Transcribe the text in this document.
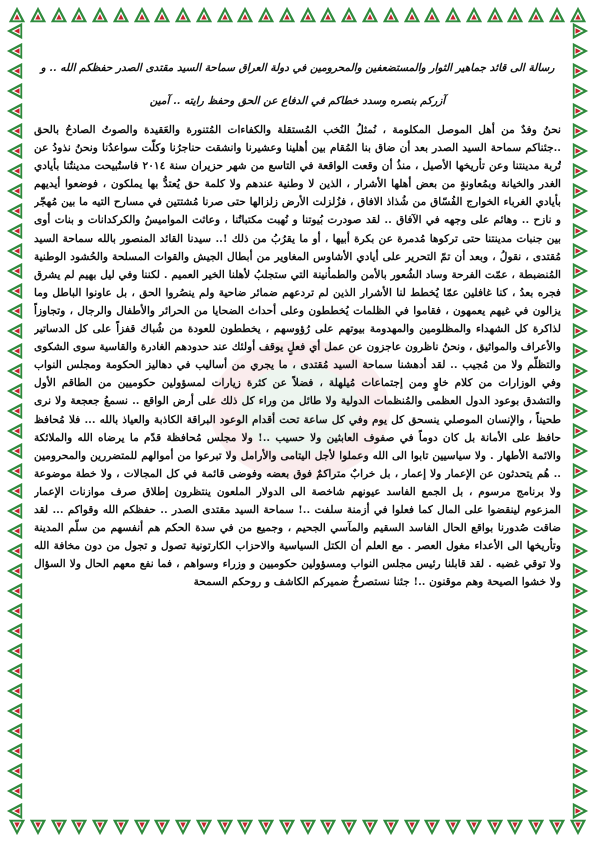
رسالة الى قائد جماهير الثوار والمستضعفين والمحرومين في دولة العراق سماحة السيد مقتدى الصدر حفظكم الله .. و
آزركم بنصره وسدد خطاكم في الدفاع عن الحق وحفظ رايته .. آمين

نحنُ وفدٌ من أهل الموصل المكلومة ، نُمثلُ النُخب المُستقلة والكفاءات المُتنورة والعَقيدة والصوتُ الصادحُ بالحق ..جئناكم سماحة السيد الصدر بعد أن ضاق بنا المُقام بين أهلينا وعشيرنا وانشقت حناجرُنا وكلّت سواعدُنا ونحنُ نذودُ عن تُربة مدينتنا وعن تأريخها الأصيل ، منذُ أن وقعت الواقعة في التاسع من شهر حزيران سنة ٢٠١٤ فاستُبيحت مدينتُنا بأيادي الغدر والخيانة وبمُعاونةٍ من بعض أهلها الأشرار ، الذين لا وطنية عندهم ولا كلمة حق يُعتدُّ بها يملكون ، فوضعوا أيديهم بأيادي الغرباء الخوارج الفُسّاق من شُذاذ الافاق ، فزُلزلت الأرض زلزالها حتى صرنا مُشتتين في مسارح التيه ما بين مُهجّر و نازح .. وهائم على وجهه في الآفاق .. لقد صودرت بُيوتنا و نُهبت مكتباتُنا ، وعاثت المواميسُ والكركدانات و بنات أوى بين جنبات مدينتنا حتى تركوها مُدمرة عن بكرة أبيها ، أو ما يقرُبُ من ذلك !.. سيدنا القائد المنصور بالله سماحة السيد مُقتدى ، نقولُ ، وبعد أن تمّ التحرير على أيادي الأشاوس المغاوير من أبطال الجيش والقوات المسلحة والحُشود الوطنية المُنضبطة ، عمّت الفرحة وساد الشُعور بالأمن والطمأنينة التي ستجلبُ لأهلنا الخير العميم . لكننا وفي ليل بهيم لم يشرق فجره بعدُ ، كنا غافلين عمّا يُخطط لنا الأشرار الذين لم تردعهم ضمائر ضاحية ولم ينصُروا الحق ، بل عاونوا الباطل وما يزالون في غيهم يعمهون ، فقاموا في الظلمات يُخططون وعلى أحداث الضحايا من الحرائر والأطفال والرجال ، وتجاوزاً لذاكرة كل الشهداء والمظلومين والمهدومة بيوتهم على رُؤوسهم ، يخططون للعودة من شُباك قفزاً على كل الدساتير والأعراف والمواثيق ، ونحنُ ناظرون عاجزون عن عمل أي فعلٍ يوقف أولئك عند حدودهم الغادرة والقاسية سوى الشكوى والتظلّم ولا من مُجيب .. لقد أدهشنا سماحة السيد مُقتدى ، ما يجري من أساليب في دهاليز الحكومة ومجلس النواب وفي الوزارات من كلام خاوٍ ومن إجتماعات مُيلهلة ، فضلاً عن كثرة زيارات لمسؤولين حكوميين من الطاقم الأول والتشدق بوعود الدول العظمى والمُنظمات الدولية ولا طائل من وراء كل ذلك على أرض الواقع .. نسمعُ جعجعة ولا نرى طحيناً ، والإنسان الموصلي ينسحق كل يوم وفي كل ساعة تحت أقدام الوعود البراقة الكاذبة والعياذ بالله ... فلا مُحافظ حافظ على الأمانة بل كان دوماً في صفوف العابثين ولا حسيب ..! ولا مجلس مُحافظة قدّم ما يرضاه الله والملائكة والائمة الأطهار . ولا سياسيين تابوا الى الله وعملوا لأجل اليتامى والأرامل ولا تبرعوا من أموالهم للمتضررين والمحرومين .. هُم يتحدثون عن الإعمار ولا إعمار ، بل خرابٌ متراكمٌ فوق بعضه وفوضى قائمة في كل المجالات ، ولا خطة موضوعة ولا برنامج مرسوم ، بل الجمع الفاسد عيونهم شاخصة الى الدولار الملعون ينتظرون إطلاق صرف موازنات الإعمار المزعوم لينقضوا على المال كما فعلوا في أزمنة سلفت ..! سماحة السيد مقتدى الصدر .. حفظكم الله وقواكم ... لقد ضاقت صُدورنا بواقع الحال الفاسد السقيم والمآسي الجحيم ، وجميع من في سدة الحكم هم أنفسهم من سلّم المدينة وتأريخها الى الأعداء مغول العصر . مع العلم أن الكتل السياسية والاحزاب الكارتونية تصول و تجول من دون مخافة الله ولا توقي غضبه . لقد قابلنا رئيس مجلس النواب ومسؤولين حكوميين و وزراء وسواهم ، فما نفع معهم الحال ولا السؤال ولا خشوا الصيحة وهم موقنون ..! جئنا نستصرخُ ضميركم الكاشف و روحكم السمحة
